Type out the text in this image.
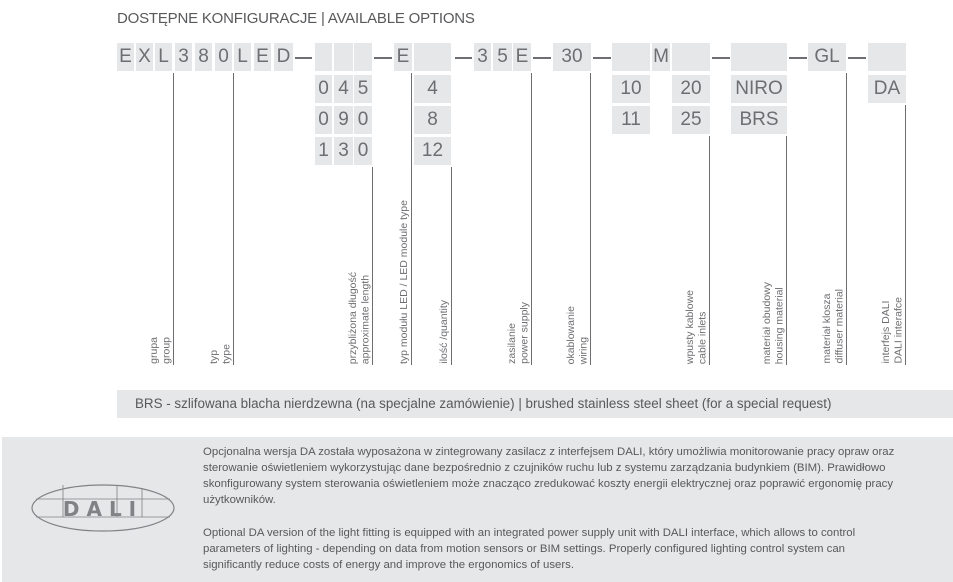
DOSTĘPNE KONFIGURACJE | AVAILABLE OPTIONS
E X L 3 8 0 L E D	E	3 5 E	30	M	GL
0 4 5
0 9 0
1 3 0
4
8
12
10
11
20
25
NIRO
BRS
DA
grupa
group	typ
type	przybliżona długość
approximate length	typ modułu LED / LED module type	ilość /quantity	zasilanie
power supply	okablowanie
wiring	wpusty kablowe
cable inlets	materiał obudowy
housing material	materiał klosza
diffuser material	interfejs DALI
DALI interafce
BRS - szlifowana blacha nierdzewna (na specjalne zamówienie) | brushed stainless steel sheet (for a special request)
DALI
Opcjonalna wersja DA została wyposażona w zintegrowany zasilacz z interfejsem DALI, który umożliwia monitorowanie pracy opraw oraz sterowanie oświetleniem wykorzystując dane bezpośrednio z czujników ruchu lub z systemu zarządzania budynkiem (BIM). Prawidłowo skonfigurowany system sterowania oświetleniem może znacząco zredukować koszty energii elektrycznej oraz poprawić ergonomię pracy użytkowników.
Optional DA version of the light fitting is equipped with an integrated power supply unit with DALI interface, which allows to control parameters of lighting - depending on data from motion sensors or BIM settings. Properly configured lighting control system can significantly reduce costs of energy and improve the ergonomics of users.
